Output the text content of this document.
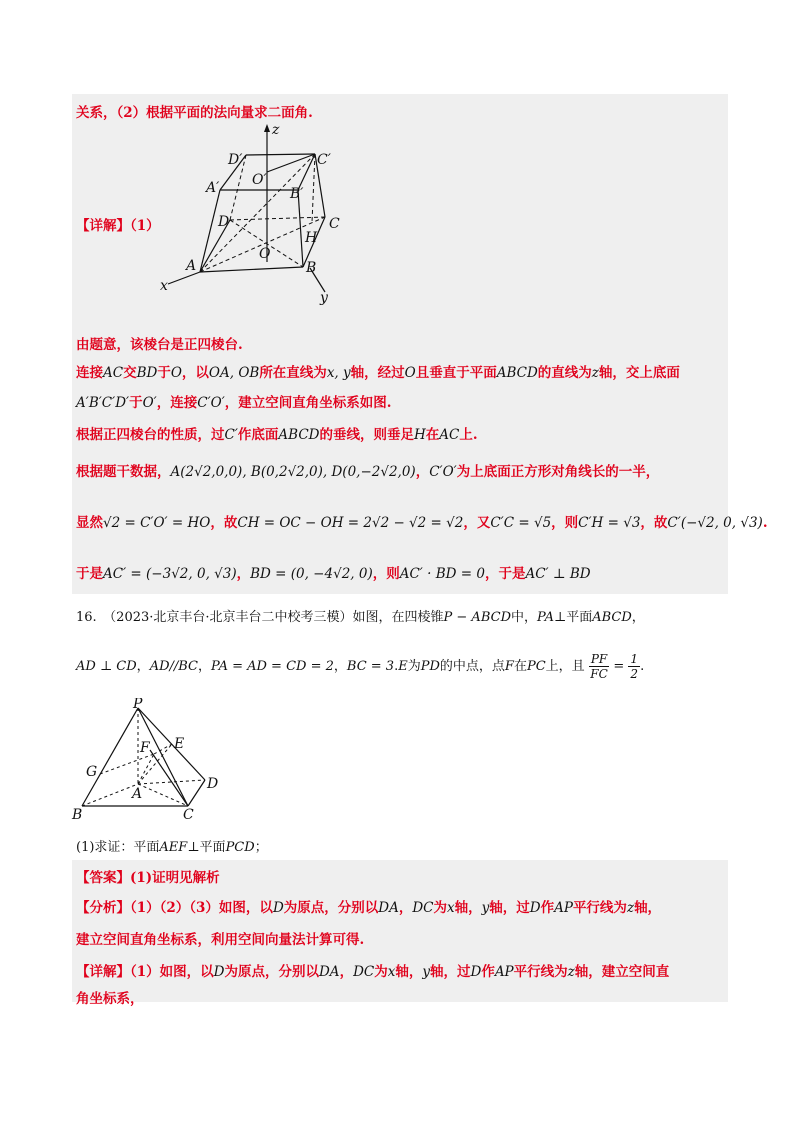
关系，（2）根据平面的法向量求二面角.
【详解】（1）
z
x
y
A	B
C
D
O
H
A′	B′
C′
D′
O′
由题意，该棱台是正四棱台.
连接AC交BD于O，以OA, OB所在直线为x, y轴，经过O且垂直于平面ABCD的直线为z轴，交上底面
A′B′C′D′于O′，连接C′O′，建立空间直角坐标系如图.
根据正四棱台的性质，过C′作底面ABCD的垂线，则垂足H在AC上.
根据题干数据，A(2√2,0,0), B(0,2√2,0), D(0,−2√2,0)，C′O′为上底面正方形对角线长的一半，
显然√2 = C′O′ = HO，故CH = OC − OH = 2√2 − √2 = √2，又C′C = √5，则C′H = √3，故C′(−√2, 0, √3).
于是AC′ = (−3√2, 0, √3)，BD = (0, −4√2, 0)，则AC′ · BD = 0，于是AC′ ⊥ BD
16.　（2023·北京丰台·北京丰台二中校考三模）如图，在四棱锥P − ABCD中，PA⊥平面ABCD，
AD ⊥ CD，AD//BC，PA = AD = CD = 2，BC = 3.E为PD的中点，点F在PC上，且 $\frac{PF}{FC} = \frac{1}{2}$ .
P
E
F
G
A
B	C
D
(1)求证：平面AEF⊥平面PCD；
【答案】(1)证明见解析
【分析】（1）（2）（3）如图，以D为原点，分别以DA，DC为x轴，y轴，过D作AP平行线为z轴，
建立空间直角坐标系，利用空间向量法计算可得.
【详解】（1）如图，以D为原点，分别以DA，DC为x轴，y轴，过D作AP平行线为z轴，建立空间直
角坐标系，
